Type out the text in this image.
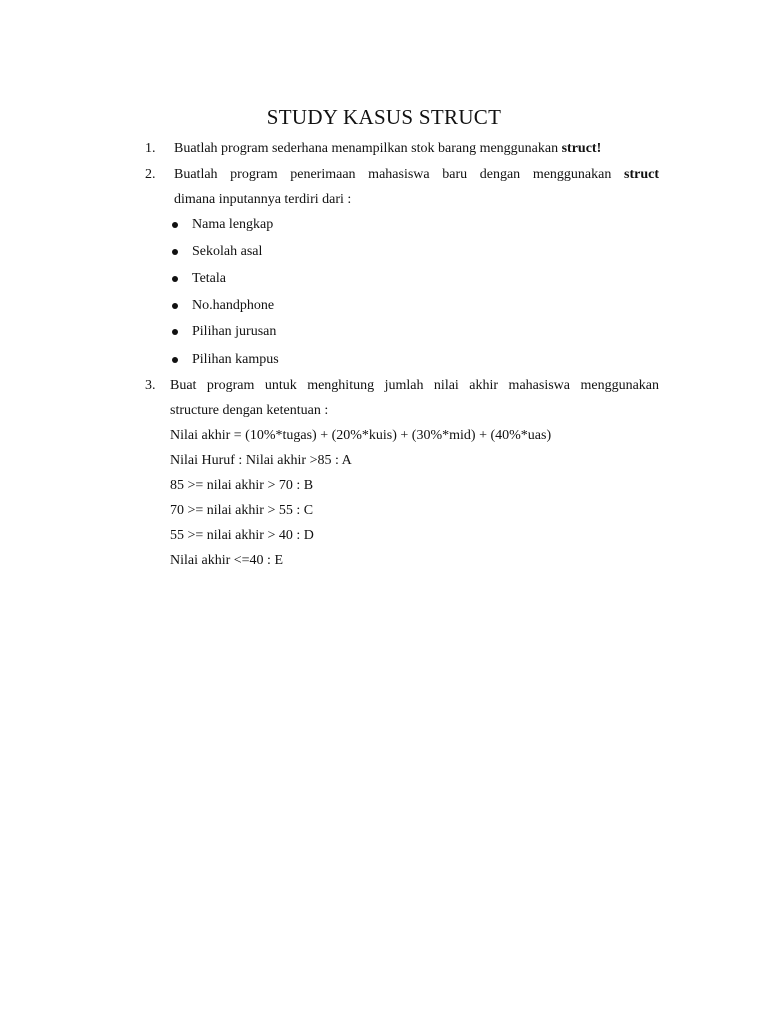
STUDY KASUS STRUCT
1. Buatlah program sederhana menampilkan stok barang menggunakan struct!
2. Buatlah program penerimaan mahasiswa baru dengan menggunakan struct
dimana inputannya terdiri dari :
Nama lengkap
Sekolah asal
Tetala
No.handphone
Pilihan jurusan
Pilihan kampus
3. Buat program untuk menghitung jumlah nilai akhir mahasiswa menggunakan
structure dengan ketentuan :
Nilai akhir = (10%*tugas) + (20%*kuis) + (30%*mid) + (40%*uas)
Nilai Huruf : Nilai akhir >85 : A
85 >= nilai akhir > 70 : B
70 >= nilai akhir > 55 : C
55 >= nilai akhir > 40 : D
Nilai akhir <=40 : E
